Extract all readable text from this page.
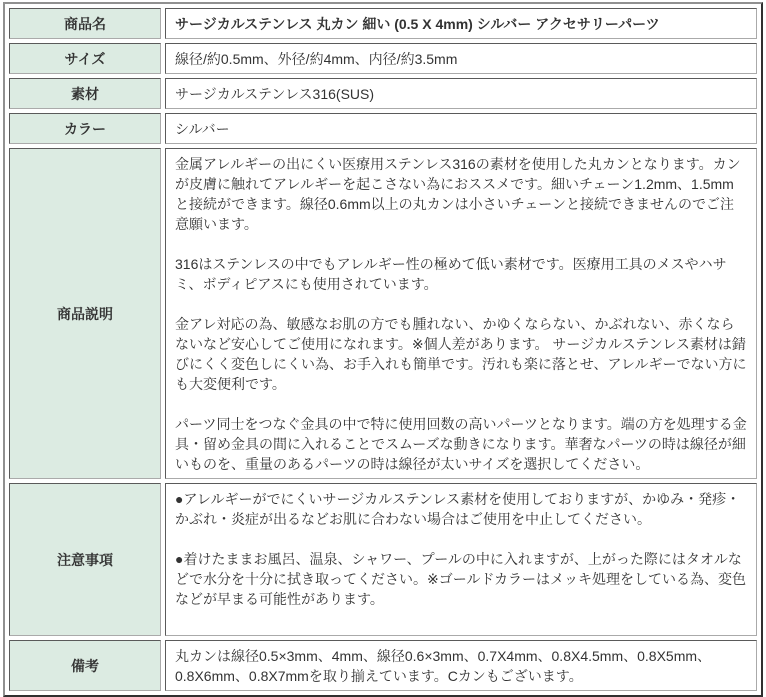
商品名	サージカルステンレス 丸カン 細い (0.5 X 4mm) シルバー アクセサリーパーツ
サイズ	線径/約0.5mm、外径/約4mm、内径/約3.5mm
素材	サージカルステンレス316(SUS)
カラー	シルバー
商品説明	金属アレルギーの出にくい医療用ステンレス316の素材を使用した丸カンとなります。カンが皮膚に触れてアレルギーを起こさない為におススメです。細いチェーン1.2mm、1.5mmと接続ができます。線径0.6mm以上の丸カンは小さいチェーンと接続できませんのでご注意願います。

316はステンレスの中でもアレルギー性の極めて低い素材です。医療用工具のメスやハサミ、ボディピアスにも使用されています。

金アレ対応の為、敏感なお肌の方でも腫れない、かゆくならない、かぶれない、赤くならないなど安心してご使用になれます。※個人差があります。 サージカルステンレス素材は錆びにくく変色しにくい為、お手入れも簡単です。汚れも楽に落とせ、アレルギーでない方にも大変便利です。

パーツ同士をつなぐ金具の中で特に使用回数の高いパーツとなります。端の方を処理する金具・留め金具の間に入れることでスムーズな動きになります。華奢なパーツの時は線径が細いものを、重量のあるパーツの時は線径が太いサイズを選択してください。

注意事項	●アレルギーがでにくいサージカルステンレス素材を使用しておりますが、かゆみ・発疹・かぶれ・炎症が出るなどお肌に合わない場合はご使用を中止してください。

●着けたままお風呂、温泉、シャワー、プールの中に入れますが、上がった際にはタオルなどで水分を十分に拭き取ってください。※ゴールドカラーはメッキ処理をしている為、変色などが早まる可能性があります。

備考	丸カンは線径0.5×3mm、4mm、線径0.6×3mm、0.7X4mm、0.8X4.5mm、0.8X5mm、0.8X6mm、0.8X7mmを取り揃えています。Cカンもございます。
